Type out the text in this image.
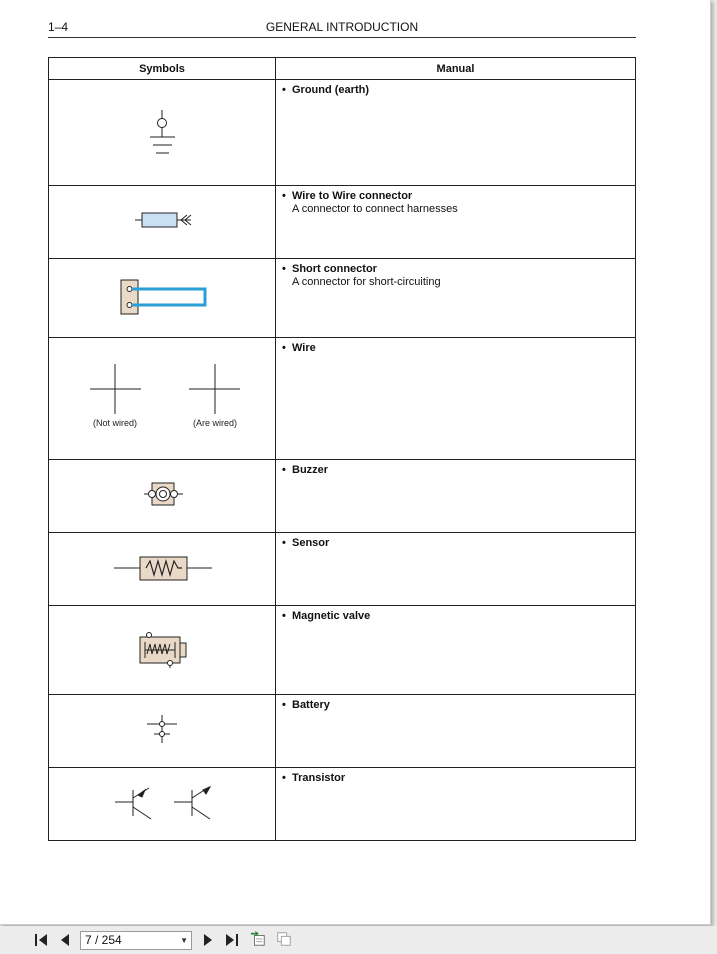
1–4	GENERAL INTRODUCTION
Symbols	Manual

• Ground (earth)

• Wire to Wire connector
A connector to connect harnesses

• Short connector
A connector for short-circuiting

(Not wired) (Are wired)	• Wire

• Buzzer

• Sensor

• Magnetic valve

• Battery

• Transistor
7 / 254	▼
